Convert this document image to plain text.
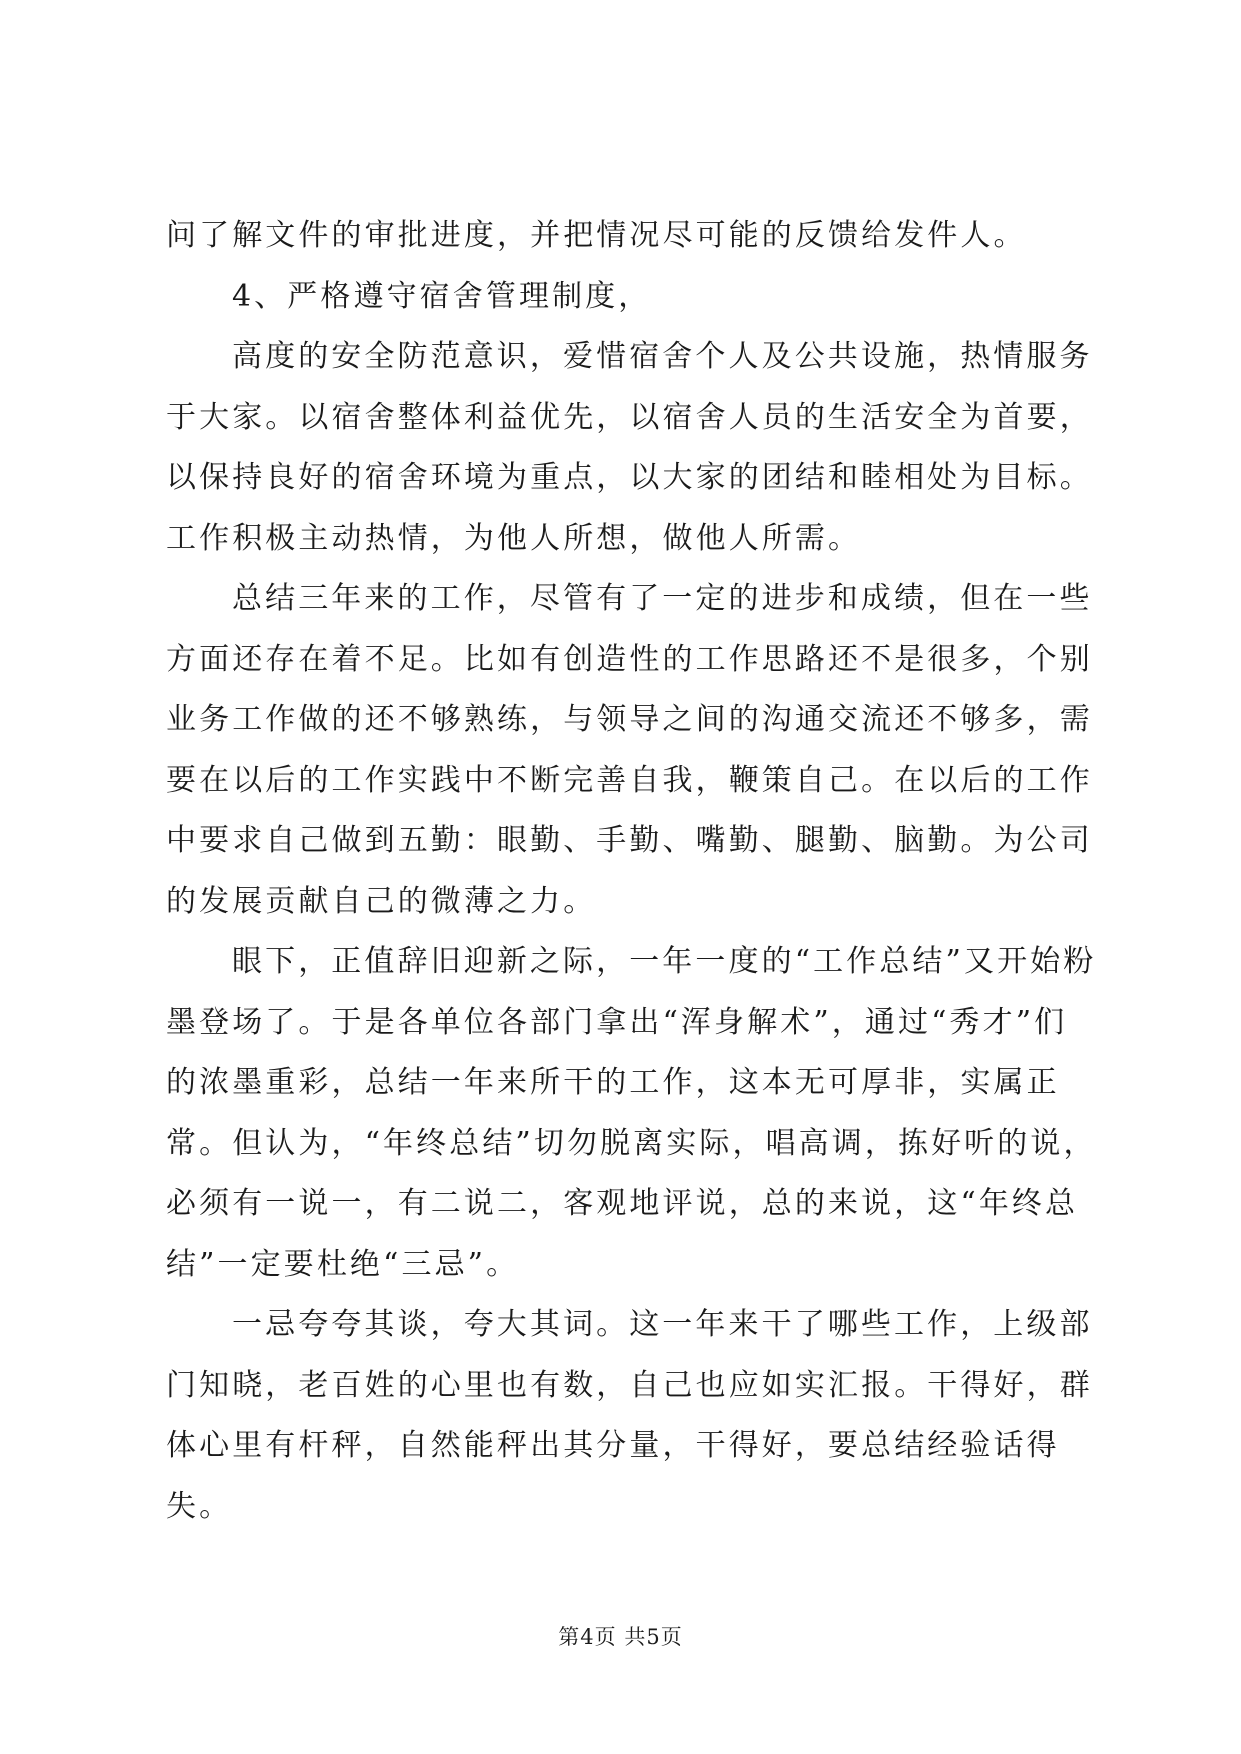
问了解文件的审批进度，并把情况尽可能的反馈给发件人。

4、严格遵守宿舍管理制度，

高度的安全防范意识，爱惜宿舍个人及公共设施，热情服务于大家。以宿舍整体利益优先，以宿舍人员的生活安全为首要，以保持良好的宿舍环境为重点，以大家的团结和睦相处为目标。工作积极主动热情，为他人所想，做他人所需。

总结三年来的工作，尽管有了一定的进步和成绩，但在一些方面还存在着不足。比如有创造性的工作思路还不是很多，个别业务工作做的还不够熟练，与领导之间的沟通交流还不够多，需要在以后的工作实践中不断完善自我，鞭策自己。在以后的工作中要求自己做到五勤：眼勤、手勤、嘴勤、腿勤、脑勤。为公司的发展贡献自己的微薄之力。

眼下，正值辞旧迎新之际，一年一度的“工作总结”又开始粉墨登场了。于是各单位各部门拿出“浑身解术”，通过“秀才”们的浓墨重彩，总结一年来所干的工作，这本无可厚非，实属正常。但认为，“年终总结”切勿脱离实际，唱高调，拣好听的说，必须有一说一，有二说二，客观地评说，总的来说，这“年终总结”一定要杜绝“三忌”。

一忌夸夸其谈，夸大其词。这一年来干了哪些工作，上级部门知晓，老百姓的心里也有数，自己也应如实汇报。干得好，群体心里有杆秤，自然能秤出其分量，干得好，要总结经验话得失。

第4页 共5页
